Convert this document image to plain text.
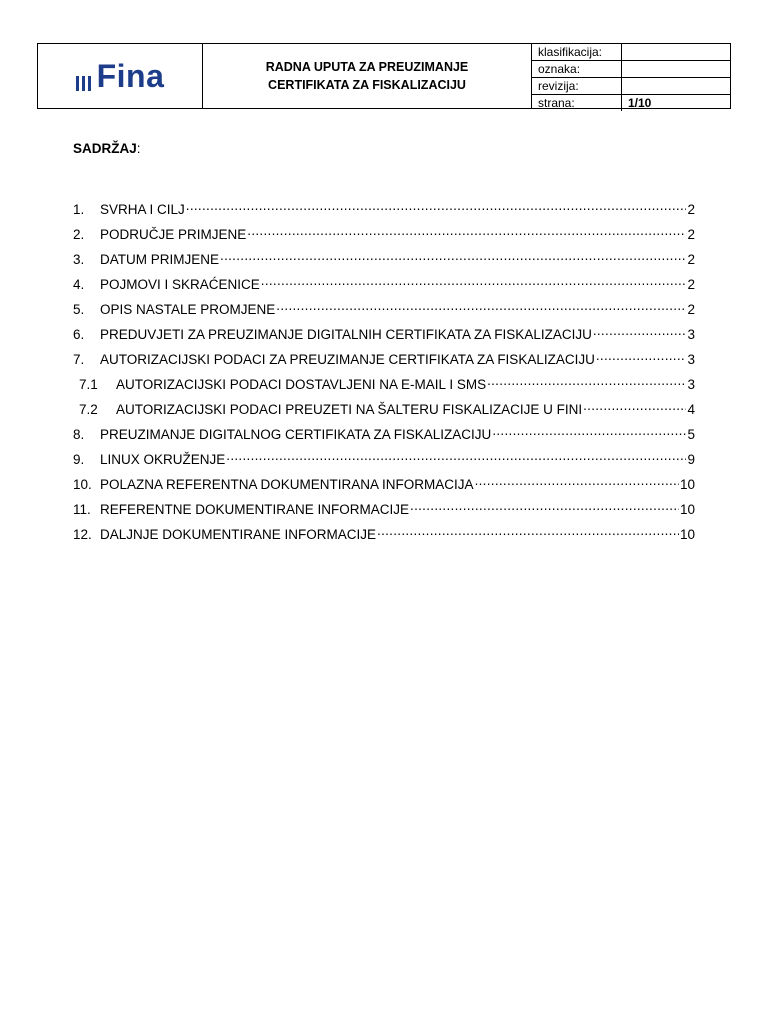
Fina	RADNA UPUTA ZA PREUZIMANJE
CERTIFIKATA ZA FISKALIZACIJU
klasifikacija:
oznaka:
revizija:
strana:	1/10
SADRŽAJ:
1.	SVRHA I CILJ .....	2
2.	PODRUČJE PRIMJENE .....	2
3.	DATUM PRIMJENE .....	2
4.	POJMOVI I SKRAĆENICE .....	2
5.	OPIS NASTALE PROMJENE .....	2
6.	PREDUVJETI ZA PREUZIMANJE DIGITALNIH CERTIFIKATA ZA FISKALIZACIJU .....	3
7.	AUTORIZACIJSKI PODACI ZA PREUZIMANJE CERTIFIKATA ZA FISKALIZACIJU .....	3
7.1	AUTORIZACIJSKI PODACI DOSTAVLJENI NA E-MAIL I SMS .....	3
7.2	AUTORIZACIJSKI PODACI PREUZETI NA ŠALTERU FISKALIZACIJE U FINI .....	4
8.	PREUZIMANJE DIGITALNOG CERTIFIKATA ZA FISKALIZACIJU .....	5
9.	LINUX OKRUŽENJE .....	9
10. POLAZNA REFERENTNA DOKUMENTIRANA INFORMACIJA .....	10
11. REFERENTNE DOKUMENTIRANE INFORMACIJE .....	10
12. DALJNJE DOKUMENTIRANE INFORMACIJE .....	10
